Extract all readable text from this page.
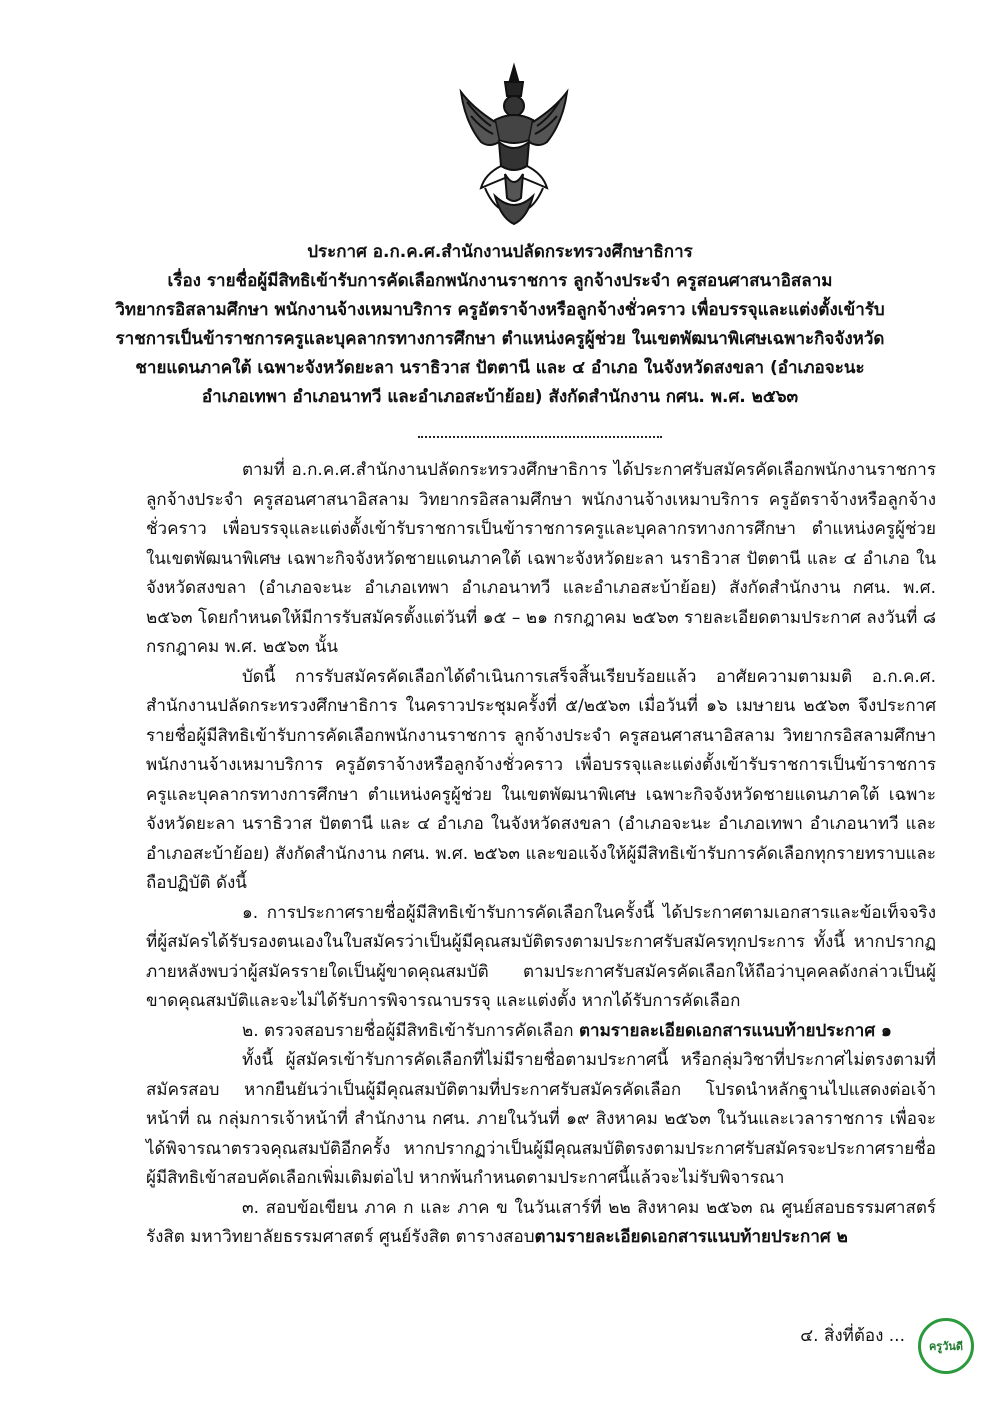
ประกาศ อ.ก.ค.ศ.สำนักงานปลัดกระทรวงศึกษาธิการ
เรื่อง รายชื่อผู้มีสิทธิเข้ารับการคัดเลือกพนักงานราชการ ลูกจ้างประจำ ครูสอนศาสนาอิสลาม
วิทยากรอิสลามศึกษา พนักงานจ้างเหมาบริการ ครูอัตราจ้างหรือลูกจ้างชั่วคราว เพื่อบรรจุและแต่งตั้งเข้ารับ
ราชการเป็นข้าราชการครูและบุคลากรทางการศึกษา ตำแหน่งครูผู้ช่วย ในเขตพัฒนาพิเศษเฉพาะกิจจังหวัด
ชายแดนภาคใต้ เฉพาะจังหวัดยะลา นราธิวาส ปัตตานี และ ๔ อำเภอ ในจังหวัดสงขลา (อำเภอจะนะ
อำเภอเทพา อำเภอนาทวี และอำเภอสะบ้าย้อย) สังกัดสำนักงาน กศน. พ.ศ. ๒๕๖๓

ตามที่ อ.ก.ค.ศ.สำนักงานปลัดกระทรวงศึกษาธิการ ได้ประกาศรับสมัครคัดเลือกพนักงานราชการ ลูกจ้างประจำ ครูสอนศาสนาอิสลาม วิทยากรอิสลามศึกษา พนักงานจ้างเหมาบริการ ครูอัตราจ้างหรือลูกจ้างชั่วคราว เพื่อบรรจุและแต่งตั้งเข้ารับราชการเป็นข้าราชการครูและบุคลากรทางการศึกษา ตำแหน่งครูผู้ช่วย ในเขตพัฒนาพิเศษ เฉพาะกิจจังหวัดชายแดนภาคใต้ เฉพาะจังหวัดยะลา นราธิวาส ปัตตานี และ ๔ อำเภอ ในจังหวัดสงขลา (อำเภอจะนะ อำเภอเทพา อำเภอนาทวี และอำเภอสะบ้าย้อย) สังกัดสำนักงาน กศน. พ.ศ. ๒๕๖๓ โดยกำหนดให้มีการรับสมัครตั้งแต่วันที่ ๑๕ – ๒๑ กรกฎาคม ๒๕๖๓ รายละเอียดตามประกาศ ลงวันที่ ๘ กรกฎาคม พ.ศ. ๒๕๖๓ นั้น

บัดนี้ การรับสมัครคัดเลือกได้ดำเนินการเสร็จสิ้นเรียบร้อยแล้ว อาศัยความตามมติ อ.ก.ค.ศ. สำนักงานปลัดกระทรวงศึกษาธิการ ในคราวประชุมครั้งที่ ๕/๒๕๖๓ เมื่อวันที่ ๑๖ เมษายน ๒๕๖๓ จึงประกาศรายชื่อผู้มีสิทธิเข้ารับการคัดเลือกพนักงานราชการ ลูกจ้างประจำ ครูสอนศาสนาอิสลาม วิทยากรอิสลามศึกษา พนักงานจ้างเหมาบริการ ครูอัตราจ้างหรือลูกจ้างชั่วคราว เพื่อบรรจุและแต่งตั้งเข้ารับราชการเป็นข้าราชการครูและบุคลากรทางการศึกษา ตำแหน่งครูผู้ช่วย ในเขตพัฒนาพิเศษ เฉพาะกิจจังหวัดชายแดนภาคใต้ เฉพาะจังหวัดยะลา นราธิวาส ปัตตานี และ ๔ อำเภอ ในจังหวัดสงขลา (อำเภอจะนะ อำเภอเทพา อำเภอนาทวี และอำเภอสะบ้าย้อย) สังกัดสำนักงาน กศน. พ.ศ. ๒๕๖๓ และขอแจ้งให้ผู้มีสิทธิเข้ารับการคัดเลือกทุกรายทราบและถือปฏิบัติ ดังนี้

๑. การประกาศรายชื่อผู้มีสิทธิเข้ารับการคัดเลือกในครั้งนี้ ได้ประกาศตามเอกสารและข้อเท็จจริงที่ผู้สมัครได้รับรองตนเองในใบสมัครว่าเป็นผู้มีคุณสมบัติตรงตามประกาศรับสมัครทุกประการ ทั้งนี้ หากปรากฏภายหลังพบว่าผู้สมัครรายใดเป็นผู้ขาดคุณสมบัติ ตามประกาศรับสมัครคัดเลือกให้ถือว่าบุคคลดังกล่าวเป็นผู้ขาดคุณสมบัติและจะไม่ได้รับการพิจารณาบรรจุ และแต่งตั้ง หากได้รับการคัดเลือก

๒. ตรวจสอบรายชื่อผู้มีสิทธิเข้ารับการคัดเลือก ตามรายละเอียดเอกสารแนบท้ายประกาศ ๑

ทั้งนี้ ผู้สมัครเข้ารับการคัดเลือกที่ไม่มีรายชื่อตามประกาศนี้ หรือกลุ่มวิชาที่ประกาศไม่ตรงตามที่สมัครสอบ หากยืนยันว่าเป็นผู้มีคุณสมบัติตามที่ประกาศรับสมัครคัดเลือก โปรดนำหลักฐานไปแสดงต่อเจ้าหน้าที่ ณ กลุ่มการเจ้าหน้าที่ สำนักงาน กศน. ภายในวันที่ ๑๙ สิงหาคม ๒๕๖๓ ในวันและเวลาราชการ เพื่อจะได้พิจารณาตรวจคุณสมบัติอีกครั้ง หากปรากฏว่าเป็นผู้มีคุณสมบัติตรงตามประกาศรับสมัครจะประกาศรายชื่อผู้มีสิทธิเข้าสอบคัดเลือกเพิ่มเติมต่อไป หากพ้นกำหนดตามประกาศนี้แล้วจะไม่รับพิจารณา

๓. สอบข้อเขียน ภาค ก และ ภาค ข ในวันเสาร์ที่ ๒๒ สิงหาคม ๒๕๖๓ ณ ศูนย์สอบธรรมศาสตร์รังสิต มหาวิทยาลัยธรรมศาสตร์ ศูนย์รังสิต ตารางสอบตามรายละเอียดเอกสารแนบท้ายประกาศ ๒

๔. สิ่งที่ต้อง ...
ครูวันดี
